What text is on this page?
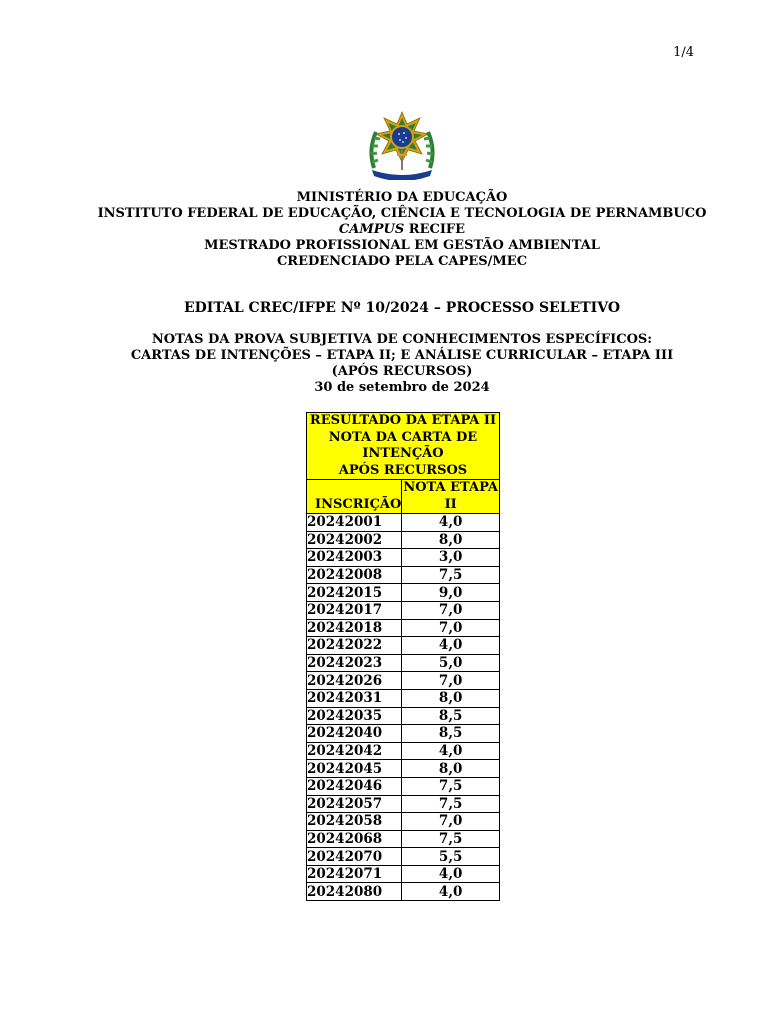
1/4
MINISTÉRIO DA EDUCAÇÃO
INSTITUTO FEDERAL DE EDUCAÇÃO, CIÊNCIA E TECNOLOGIA DE PERNAMBUCO
CAMPUS RECIFE
MESTRADO PROFISSIONAL EM GESTÃO AMBIENTAL
CREDENCIADO PELA CAPES/MEC
EDITAL CREC/IFPE Nº 10/2024 – PROCESSO SELETIVO
NOTAS DA PROVA SUBJETIVA DE CONHECIMENTOS ESPECÍFICOS:
CARTAS DE INTENÇÕES – ETAPA II; E ANÁLISE CURRICULAR – ETAPA III
(APÓS RECURSOS)
30 de setembro de 2024
RESULTADO DA ETAPA II
NOTA DA CARTA DE
INTENÇÃO
APÓS RECURSOS	

INSCRIÇÃO	NOTA ETAPA
II

20242001	4,0
20242002	8,0
20242003	3,0
20242008	7,5
20242015	9,0
20242017	7,0
20242018	7,0
20242022	4,0
20242023	5,0
20242026	7,0
20242031	8,0
20242035	8,5
20242040	8,5
20242042	4,0
20242045	8,0
20242046	7,5
20242057	7,5
20242058	7,0
20242068	7,5
20242070	5,5
20242071	4,0
20242080	4,0
